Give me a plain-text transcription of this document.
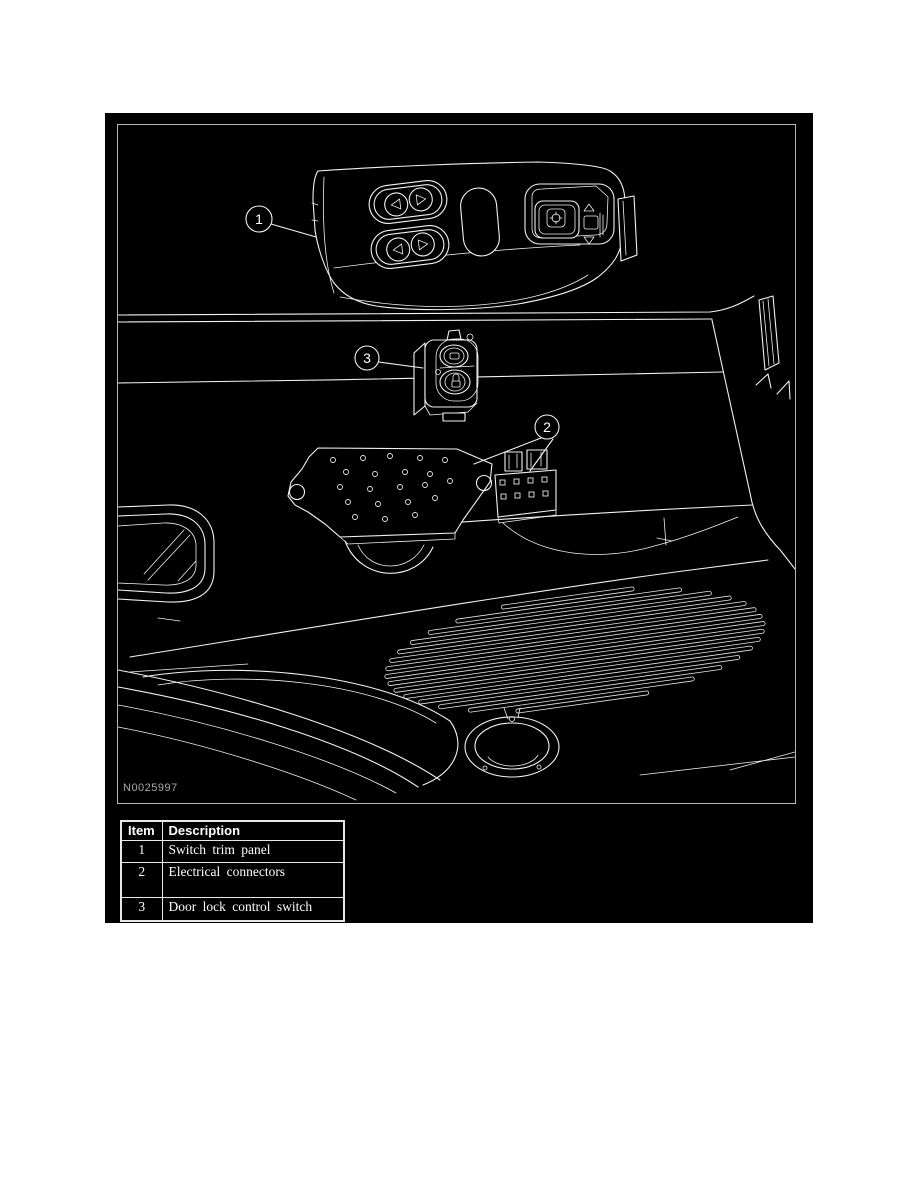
1
3
2
N0025997
Item	Description
1	Switch trim panel
2	Electrical connectors
3	Door lock control switch
